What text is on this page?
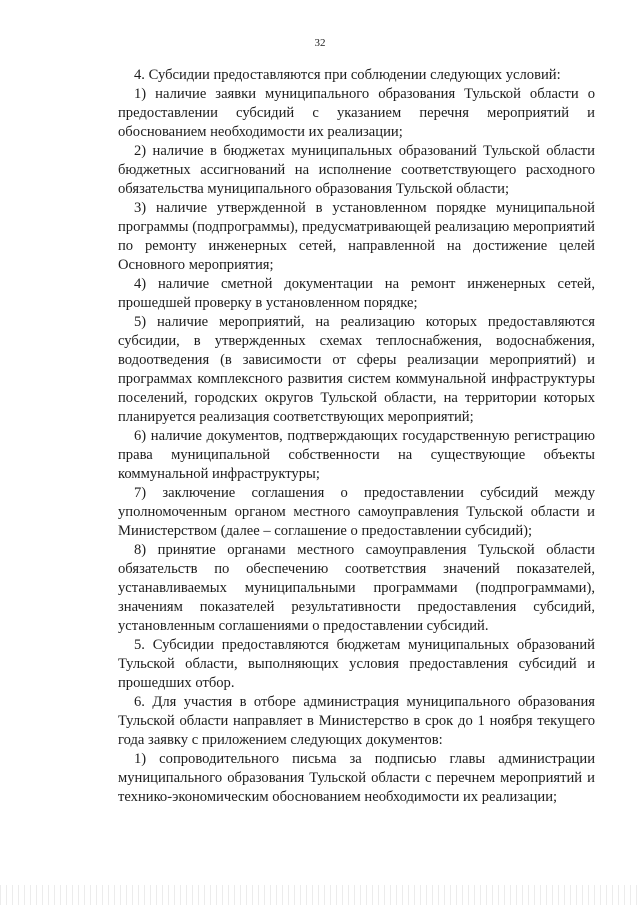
32

4. Субсидии предоставляются при соблюдении следующих условий:

1) наличие заявки муниципального образования Тульской области о предоставлении субсидий с указанием перечня мероприятий и обоснованием необходимости их реализации;

2) наличие в бюджетах муниципальных образований Тульской области бюджетных ассигнований на исполнение соответствующего расходного обязательства муниципального образования Тульской области;

3) наличие утвержденной в установленном порядке муниципальной программы (подпрограммы), предусматривающей реализацию мероприятий по ремонту инженерных сетей, направленной на достижение целей Основного мероприятия;

4) наличие сметной документации на ремонт инженерных сетей, прошедшей проверку в установленном порядке;

5) наличие мероприятий, на реализацию которых предоставляются субсидии, в утвержденных схемах теплоснабжения, водоснабжения, водоотведения (в зависимости от сферы реализации мероприятий) и программах комплексного развития систем коммунальной инфраструктуры поселений, городских округов Тульской области, на территории которых планируется реализация соответствующих мероприятий;

6) наличие документов, подтверждающих государственную регистрацию права муниципальной собственности на существующие объекты коммунальной инфраструктуры;

7) заключение соглашения о предоставлении субсидий между уполномоченным органом местного самоуправления Тульской области и Министерством (далее – соглашение о предоставлении субсидий);

8) принятие органами местного самоуправления Тульской области обязательств по обеспечению соответствия значений показателей, устанавливаемых муниципальными программами (подпрограммами), значениям показателей результативности предоставления субсидий, установленным соглашениями о предоставлении субсидий.

5. Субсидии предоставляются бюджетам муниципальных образований Тульской области, выполняющих условия предоставления субсидий и прошедших отбор.

6. Для участия в отборе администрация муниципального образования Тульской области направляет в Министерство в срок до 1 ноября текущего года заявку с приложением следующих документов:

1) сопроводительного письма за подписью главы администрации муниципального образования Тульской области с перечнем мероприятий и технико-экономическим обоснованием необходимости их реализации;
